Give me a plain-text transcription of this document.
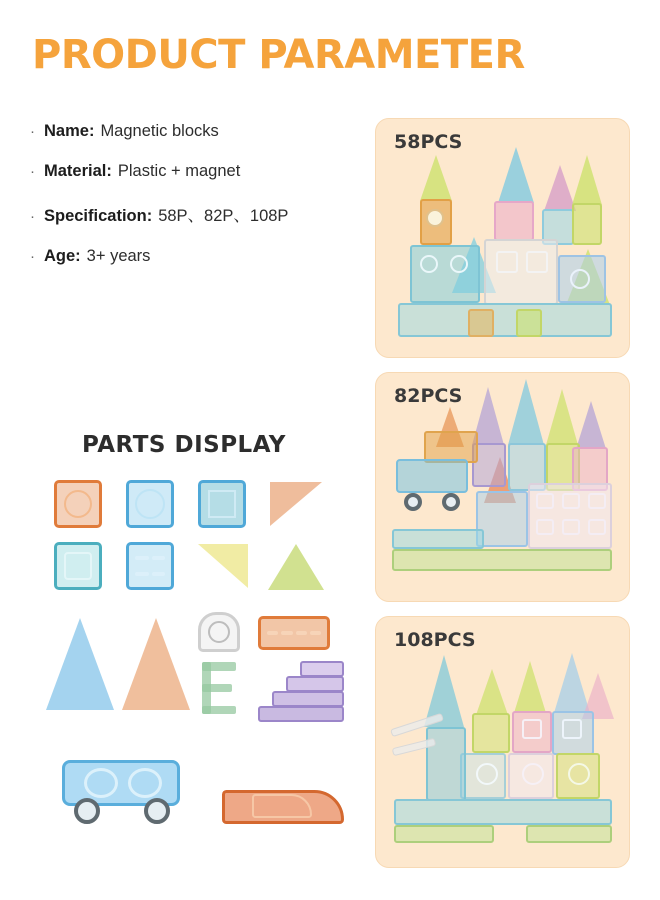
PRODUCT PARAMETER
· Name: Magnetic blocks
· Material: Plastic + magnet
· Specification: 58P、82P、108P
· Age: 3+ years
PARTS DISPLAY
58PCS
82PCS
108PCS
